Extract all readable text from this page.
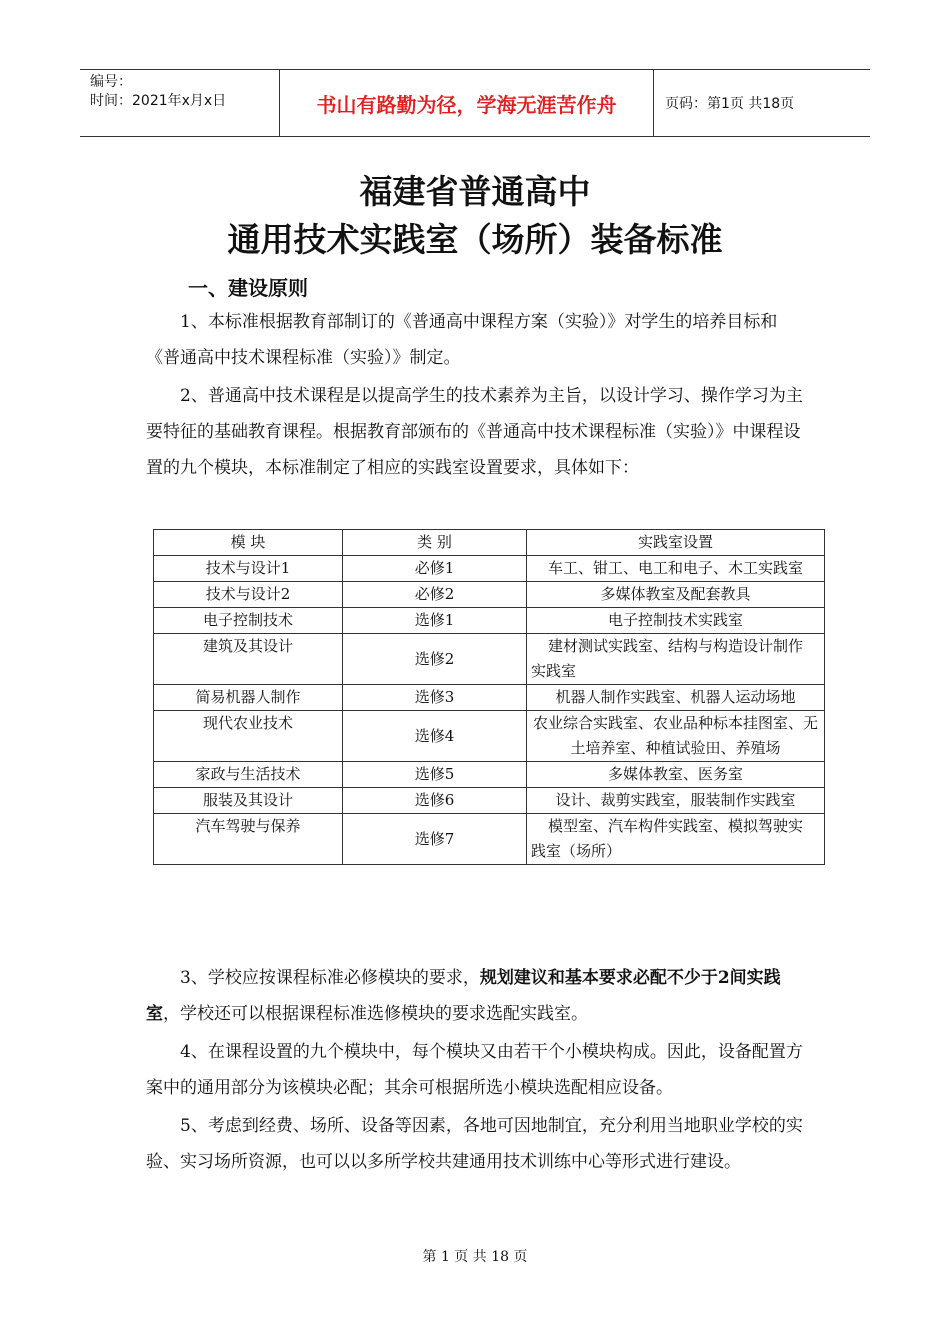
编号：
时间：2021年x月x日	书山有路勤为径，学海无涯苦作舟	页码：第1页 共18页
福建省普通高中
通用技术实践室（场所）装备标准
一、建设原则

1、本标准根据教育部制订的《普通高中课程方案（实验）》对学生的培养目标和《普通高中技术课程标准（实验）》制定。

2、普通高中技术课程是以提高学生的技术素养为主旨，以设计学习、操作学习为主要特征的基础教育课程。根据教育部颁布的《普通高中技术课程标准（实验）》中课程设置的九个模块，本标准制定了相应的实践室设置要求，具体如下：

模 块	类 别	实践室设置
技术与设计1	必修1	车工、钳工、电工和电子、木工实践室
技术与设计2	必修2	多媒体教室及配套教具
电子控制技术	选修1	电子控制技术实践室
建筑及其设计	选修2	建材测试实践室、结构与构造设计制作
实践室

简易机器人制作	选修3	机器人制作实践室、机器人运动场地
现代农业技术	选修4	农业综合实践室、农业品种标本挂图室、无土培养室、种植试验田、养殖场
家政与生活技术	选修5	多媒体教室、医务室
服装及其设计	选修6	设计、裁剪实践室，服装制作实践室
汽车驾驶与保养	选修7	模型室、汽车构件实践室、模拟驾驶实
践室（场所）

3、学校应按课程标准必修模块的要求，规划建议和基本要求必配不少于2间实践室，学校还可以根据课程标准选修模块的要求选配实践室。

4、在课程设置的九个模块中，每个模块又由若干个小模块构成。因此，设备配置方案中的通用部分为该模块必配；其余可根据所选小模块选配相应设备。

5、考虑到经费、场所、设备等因素，各地可因地制宜，充分利用当地职业学校的实验、实习场所资源，也可以以多所学校共建通用技术训练中心等形式进行建设。

第 1 页 共 18 页
